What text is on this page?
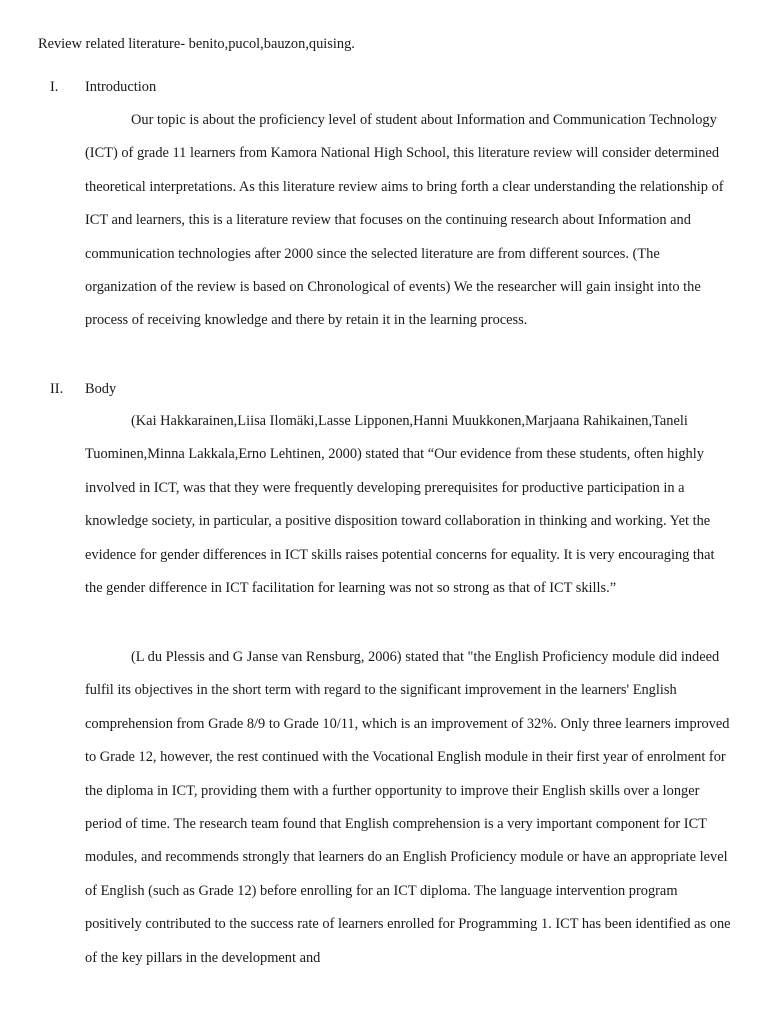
Review related literature- benito,pucol,bauzon,quising.
I. Introduction

Our topic is about the proficiency level of student about Information and Communication Technology (ICT) of grade 11 learners from Kamora National High School, this literature review will consider determined theoretical interpretations. As this literature review aims to bring forth a clear understanding the relationship of ICT and learners, this is a literature review that focuses on the continuing research about Information and communication technologies after 2000 since the selected literature are from different sources. (The organization of the review is based on Chronological of events) We the researcher will gain insight into the process of receiving knowledge and there by retain it in the learning process.

II. Body

(Kai Hakkarainen,Liisa Ilomäki,Lasse Lipponen,Hanni Muukkonen,Marjaana Rahikainen,Taneli Tuominen,Minna Lakkala,Erno Lehtinen, 2000) stated that “Our evidence from these students, often highly involved in ICT, was that they were frequently developing prerequisites for productive participation in a knowledge society, in particular, a positive disposition toward collaboration in thinking and working. Yet the evidence for gender differences in ICT skills raises potential concerns for equality. It is very encouraging that the gender difference in ICT facilitation for learning was not so strong as that of ICT skills.”

(L du Plessis and G Janse van Rensburg, 2006) stated that "the English Proficiency module did indeed fulfil its objectives in the short term with regard to the significant improvement in the learners' English comprehension from Grade 8/9 to Grade 10/11, which is an improvement of 32%. Only three learners improved to Grade 12, however, the rest continued with the Vocational English module in their first year of enrolment for the diploma in ICT, providing them with a further opportunity to improve their English skills over a longer period of time. The research team found that English comprehension is a very important component for ICT modules, and recommends strongly that learners do an English Proficiency module or have an appropriate level of English (such as Grade 12) before enrolling for an ICT diploma. The language intervention program positively contributed to the success rate of learners enrolled for Programming 1. ICT has been identified as one of the key pillars in the development and
